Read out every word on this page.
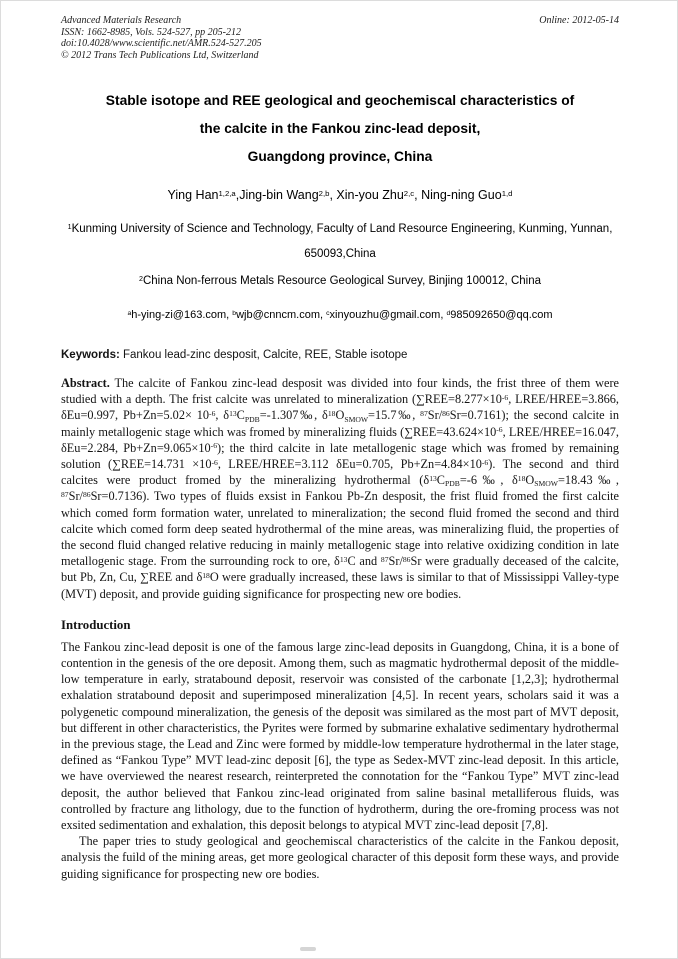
Advanced Materials Research
ISSN: 1662-8985, Vols. 524-527, pp 205-212
doi:10.4028/www.scientific.net/AMR.524-527.205
© 2012 Trans Tech Publications Ltd, Switzerland
Online: 2012-05-14
Stable isotope and REE geological and geochemiscal characteristics of
the calcite in the Fankou zinc-lead deposit,
Guangdong province, China
Ying Han$^{1,2,a}$,Jing-bin Wang$^{2,b}$, Xin-you Zhu$^{2,c}$, Ning-ning Guo$^{1,d}$
$^1$Kunming University of Science and Technology, Faculty of Land Resource Engineering, Kunming, Yunnan, 650093,China
$^2$China Non-ferrous Metals Resource Geological Survey, Binjing 100012, China
$^a$h-ying-zi@163.com, $^b$wjb@cnncm.com, $^c$xinyouzhu@gmail.com, $^d$985092650@qq.com
Keywords: Fankou lead-zinc desposit, Calcite, REE, Stable isotope

Abstract. The calcite of Fankou zinc-lead desposit was divided into four kinds, the frist three of them were studied with a depth. The frist calcite was unrelated to mineralization ($\sum REE=8.277\times 10^{-6}$, LREE/HREE=3.866, δEu=0.997, $Pb+Zn=5.02\times 10^{-6}$, $\delta^{13}C_{PDB}=-1.307‰$, $\delta^{18}O_{SMOW}=15.7‰$, $^{87}$Sr/$^{86}$Sr=0.7161); the second calcite in mainly metallogenic stage which was fromed by mineralizing fluids ($\sum REE=43.624\times 10^{-6}$, LREE/HREE=16.047, δEu=2.284, $Pb+Zn=9.065\times 10^{-6}$); the third calcite in late metallogenic stage which was fromed by remaining solution ($\sum REE=14.731 \times 10^{-6}$, LREE/HREE=3.112 δEu=0.705, $Pb+Zn=4.84\times 10^{-6}$). The second and third calcites were product fromed by the mineralizing hydrothermal ($\delta^{13}C_{PDB}=-6‰$, $\delta^{18}O_{SMOW}=18.43‰$, $^{87}$Sr/$^{86}$Sr=0.7136). Two types of fluids exsist in Fankou Pb-Zn desposit, the frist fluid fromed the first calcite which comed form formation water, unrelated to mineralization; the second fluid fromed the second and third calcite which comed form deep seated hydrothermal of the mine areas, was mineralizing fluid, the properties of the second fluid changed relative reducing in mainly metallogenic stage into relative oxidizing condition in late metallogenic stage. From the surrounding rock to ore, $\delta^{13}C$ and $^{87}$Sr/$^{86}$Sr were gradually deceased of the calcite, but Pb, Zn, Cu, ∑REE and $\delta^{18}O$ were gradually increased, these laws is similar to that of Mississippi Valley-type (MVT) deposit, and provide guiding significance for prospecting new ore bodies.

Introduction

The Fankou zinc-lead deposit is one of the famous large zinc-lead deposits in Guangdong, China, it is a bone of contention in the genesis of the ore deposit. Among them, such as magmatic hydrothermal deposit of the middle-low temperature in early, stratabound deposit, reservoir was consisted of the carbonate [1,2,3]; hydrothermal exhalation stratabound deposit and superimposed mineralization [4,5]. In recent years, scholars said it was a polygenetic compound mineralization, the genesis of the deposit was similared as the most part of MVT deposit, but different in other characteristics, the Pyrites were formed by submarine exhalative sedimentary hydrothermal in the previous stage, the Lead and Zinc were formed by middle-low temperature hydrothermal in the later stage, defined as “Fankou Type” MVT lead-zinc deposit [6], the type as Sedex-MVT zinc-lead deposit. In this article, we have overviewed the nearest research, reinterpreted the connotation for the “Fankou Type” MVT zinc-lead deposit, the author believed that Fankou zinc-lead originated from saline basinal metalliferous fluids, was controlled by fracture ang lithology, due to the function of hydrotherm, during the ore-froming process was not exsited sedimentation and exhalation, this deposit belongs to atypical MVT zinc-lead deposit [7,8].

The paper tries to study geological and geochemiscal characteristics of the calcite in the Fankou deposit, analysis the fuild of the mining areas, get more geological character of this deposit form these ways, and provide guiding significance for prospecting new ore bodies.
